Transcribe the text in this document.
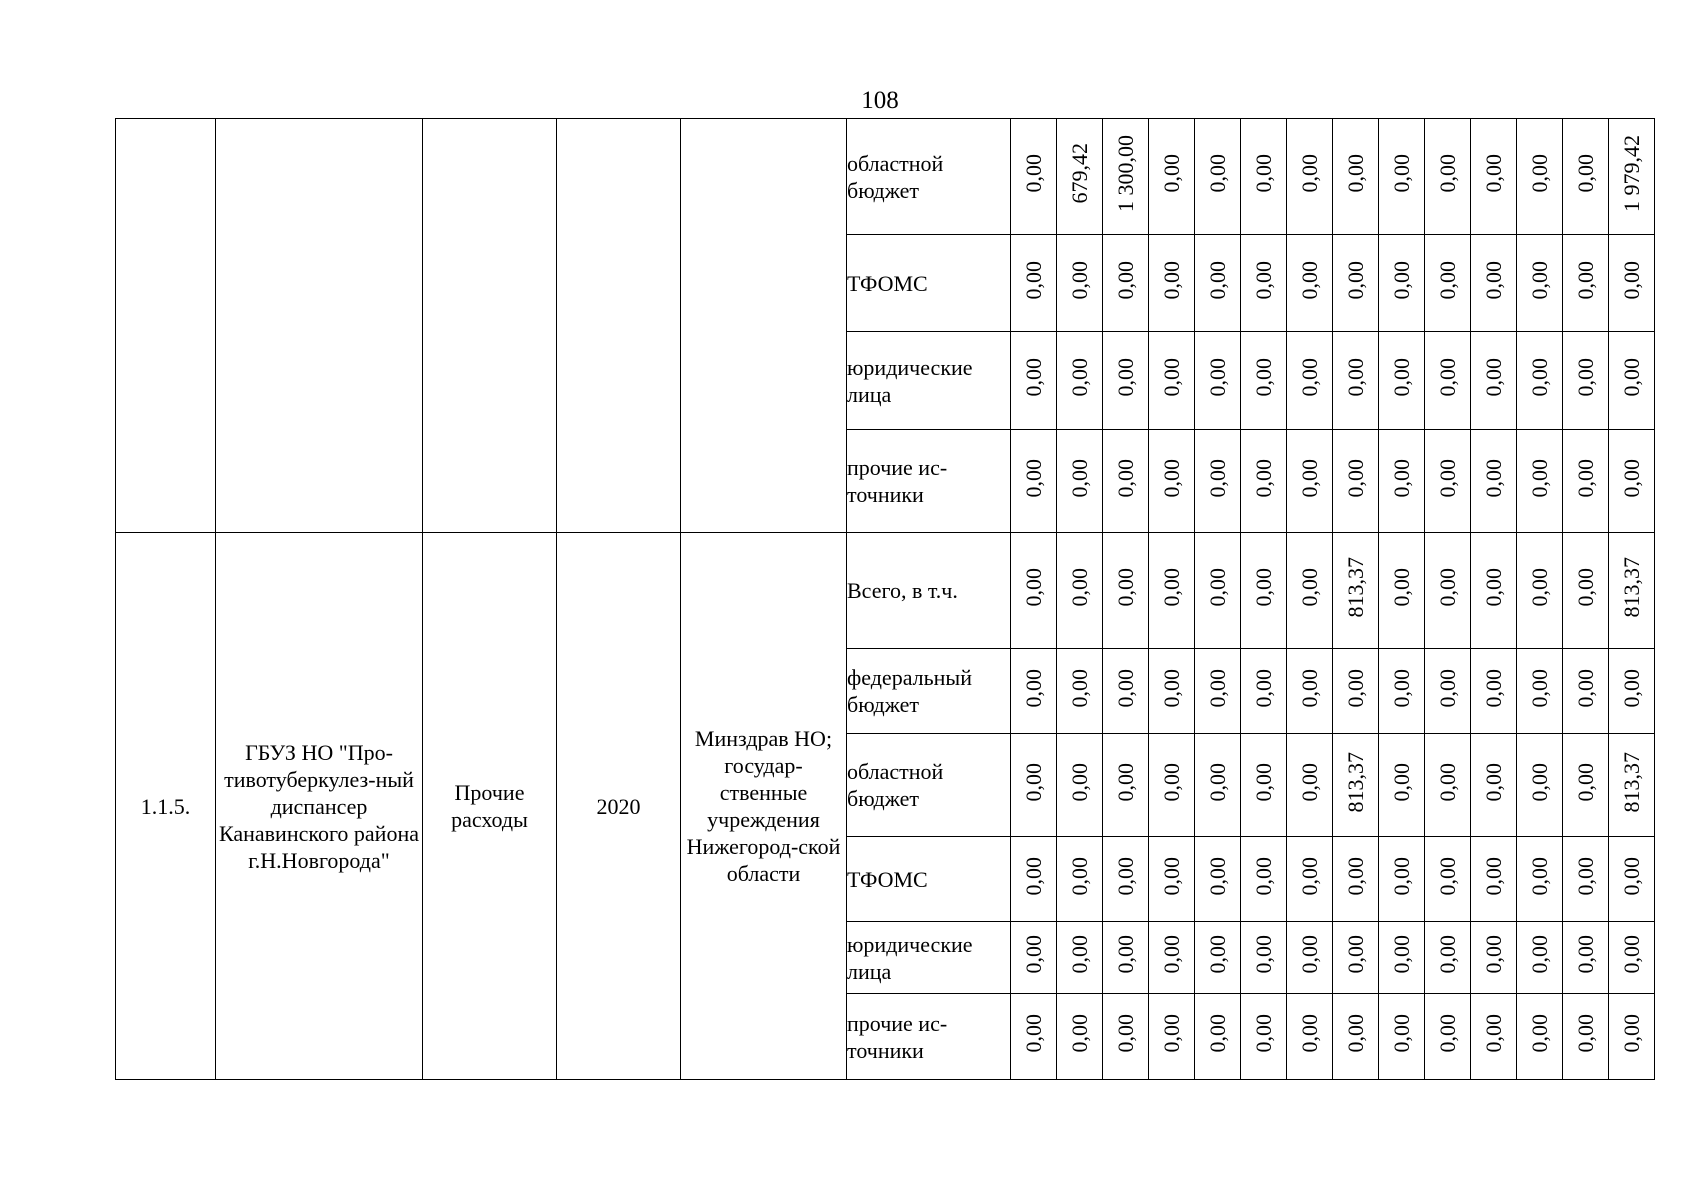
108
					областной бюджет	0,00	679,42	1 300,00	0,00	0,00	0,00	0,00	0,00	0,00	0,00	0,00	0,00	0,00	1 979,42
					ТФОМС	0,00	0,00	0,00	0,00	0,00	0,00	0,00	0,00	0,00	0,00	0,00	0,00	0,00	0,00
					юридические лица	0,00	0,00	0,00	0,00	0,00	0,00	0,00	0,00	0,00	0,00	0,00	0,00	0,00	0,00
					прочие ис-точники	0,00	0,00	0,00	0,00	0,00	0,00	0,00	0,00	0,00	0,00	0,00	0,00	0,00	0,00
1.1.5.	ГБУЗ НО "Про-тивотуберкулез-ный диспансер Канавинского района г.Н.Новгорода"	Прочие расходы	2020	Минздрав НО; государ-ственные учреждения Нижегород-ской области	Всего, в т.ч.	0,00	0,00	0,00	0,00	0,00	0,00	0,00	813,37	0,00	0,00	0,00	0,00	0,00	813,37
					федеральный бюджет	0,00	0,00	0,00	0,00	0,00	0,00	0,00	0,00	0,00	0,00	0,00	0,00	0,00	0,00
					областной бюджет	0,00	0,00	0,00	0,00	0,00	0,00	0,00	813,37	0,00	0,00	0,00	0,00	0,00	813,37
					ТФОМС	0,00	0,00	0,00	0,00	0,00	0,00	0,00	0,00	0,00	0,00	0,00	0,00	0,00	0,00
					юридические лица	0,00	0,00	0,00	0,00	0,00	0,00	0,00	0,00	0,00	0,00	0,00	0,00	0,00	0,00
					прочие ис-точники	0,00	0,00	0,00	0,00	0,00	0,00	0,00	0,00	0,00	0,00	0,00	0,00	0,00	0,00
